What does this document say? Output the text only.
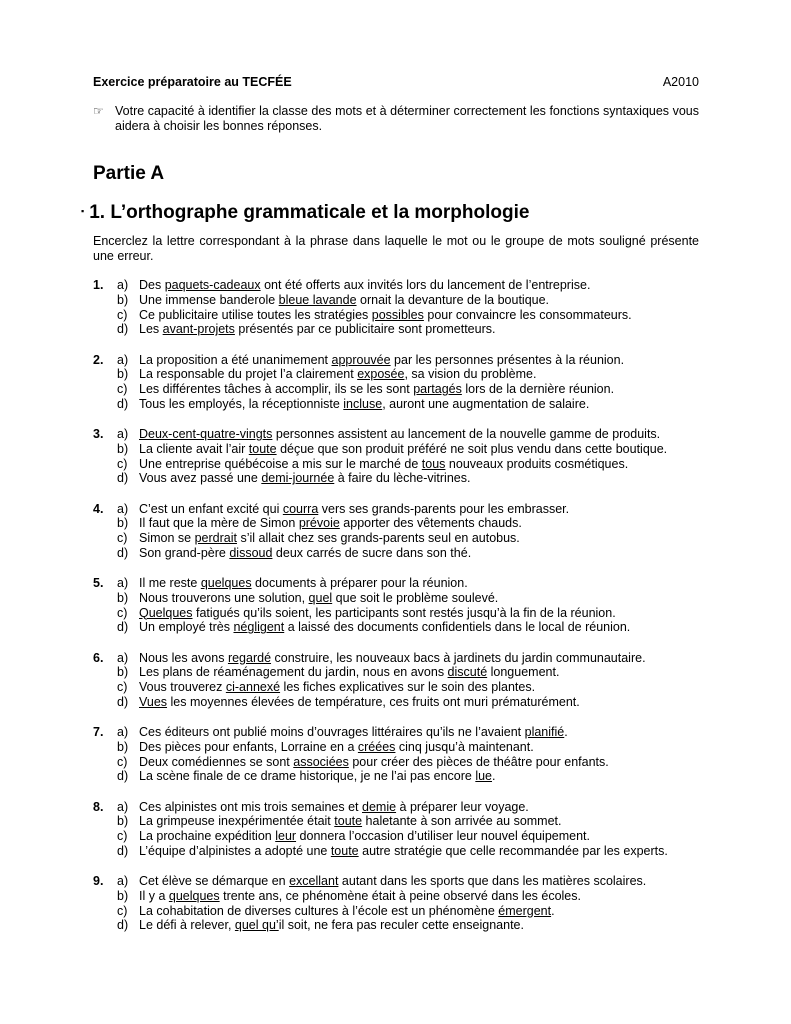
Exercice préparatoire au TECFÉE	A2010
☞ Votre capacité à identifier la classe des mots et à déterminer correctement les fonctions syntaxiques vous aidera à choisir les bonnes réponses.
Partie A
▪ 1. L’orthographe grammaticale et la morphologie
Encerclez la lettre correspondant à la phrase dans laquelle le mot ou le groupe de mots souligné présente une erreur.
1. a) Des paquets-cadeaux ont été offerts aux invités lors du lancement de l’entreprise.
b) Une immense banderole bleue lavande ornait la devanture de la boutique.
c) Ce publicitaire utilise toutes les stratégies possibles pour convaincre les consommateurs.
d) Les avant-projets présentés par ce publicitaire sont prometteurs.
2. a) La proposition a été unanimement approuvée par les personnes présentes à la réunion.
b) La responsable du projet l’a clairement exposée, sa vision du problème.
c) Les différentes tâches à accomplir, ils se les sont partagés lors de la dernière réunion.
d) Tous les employés, la réceptionniste incluse, auront une augmentation de salaire.
3. a) Deux-cent-quatre-vingts personnes assistent au lancement de la nouvelle gamme de produits.
b) La cliente avait l’air toute déçue que son produit préféré ne soit plus vendu dans cette boutique.
c) Une entreprise québécoise a mis sur le marché de tous nouveaux produits cosmétiques.
d) Vous avez passé une demi-journée à faire du lèche-vitrines.
4. a) C’est un enfant excité qui courra vers ses grands-parents pour les embrasser.
b) Il faut que la mère de Simon prévoie apporter des vêtements chauds.
c) Simon se perdrait s’il allait chez ses grands-parents seul en autobus.
d) Son grand-père dissoud deux carrés de sucre dans son thé.
5. a) Il me reste quelques documents à préparer pour la réunion.
b) Nous trouverons une solution, quel que soit le problème soulevé.
c) Quelques fatigués qu’ils soient, les participants sont restés jusqu’à la fin de la réunion.
d) Un employé très négligent a laissé des documents confidentiels dans le local de réunion.
6. a) Nous les avons regardé construire, les nouveaux bacs à jardinets du jardin communautaire.
b) Les plans de réaménagement du jardin, nous en avons discuté longuement.
c) Vous trouverez ci-annexé les fiches explicatives sur le soin des plantes.
d) Vues les moyennes élevées de température, ces fruits ont muri prématurément.
7. a) Ces éditeurs ont publié moins d’ouvrages littéraires qu’ils ne l’avaient planifié.
b) Des pièces pour enfants, Lorraine en a créées cinq jusqu’à maintenant.
c) Deux comédiennes se sont associées pour créer des pièces de théâtre pour enfants.
d) La scène finale de ce drame historique, je ne l’ai pas encore lue.
8. a) Ces alpinistes ont mis trois semaines et demie à préparer leur voyage.
b) La grimpeuse inexpérimentée était toute haletante à son arrivée au sommet.
c) La prochaine expédition leur donnera l’occasion d’utiliser leur nouvel équipement.
d) L’équipe d’alpinistes a adopté une toute autre stratégie que celle recommandée par les experts.
9. a) Cet élève se démarque en excellant autant dans les sports que dans les matières scolaires.
b) Il y a quelques trente ans, ce phénomène était à peine observé dans les écoles.
c) La cohabitation de diverses cultures à l’école est un phénomène émergent.
d) Le défi à relever, quel qu’il soit, ne fera pas reculer cette enseignante.
